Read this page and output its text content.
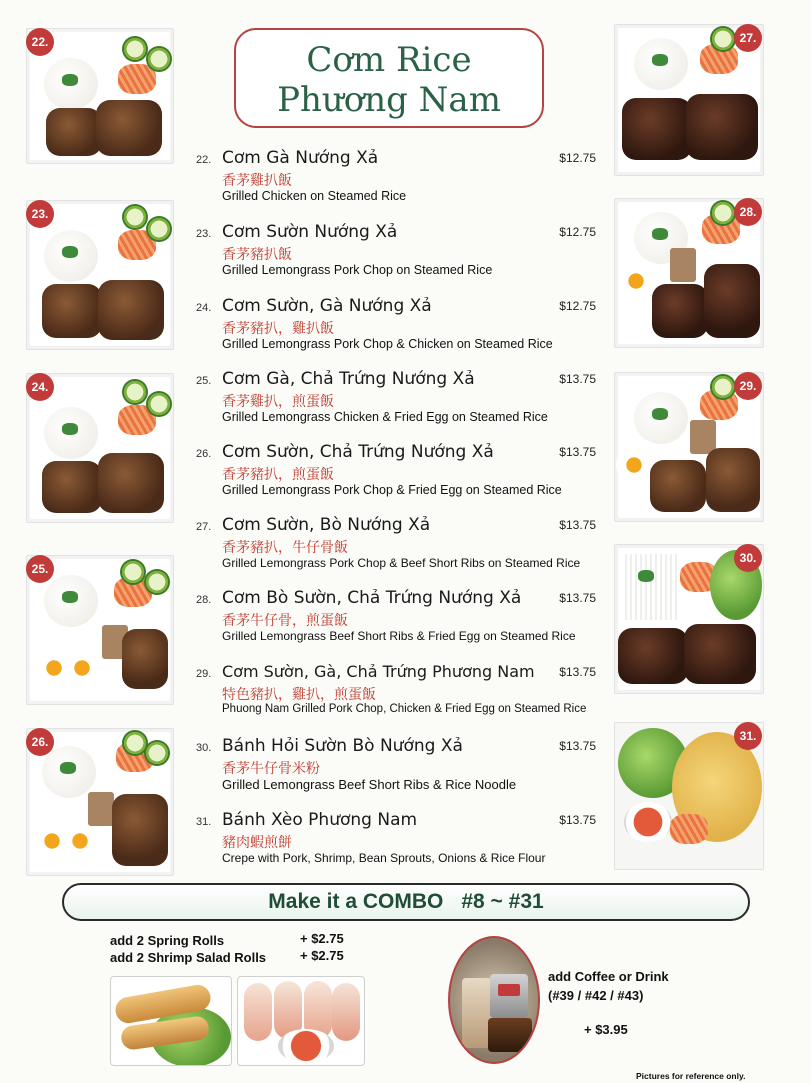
Cơm Rice
Phương Nam
22.
23.
24.
25.
26.
27.
28.
29.
30.
31.
22. Cơm Gà Nướng Xả	$12.75
香茅雞扒飯
Grilled Chicken on Steamed Rice
23. Cơm Sườn Nướng Xả	$12.75
香茅豬扒飯
Grilled Lemongrass Pork Chop on Steamed Rice
24. Cơm Sườn, Gà Nướng Xả	$12.75
香茅豬扒，雞扒飯
Grilled Lemongrass Pork Chop & Chicken on Steamed Rice
25. Cơm Gà, Chả Trứng Nướng Xả	$13.75
香茅雞扒，煎蛋飯
Grilled Lemongrass Chicken & Fried Egg on Steamed Rice
26. Cơm Sườn, Chả Trứng Nướng Xả	$13.75
香茅豬扒，煎蛋飯
Grilled Lemongrass Pork Chop & Fried Egg on Steamed Rice
27. Cơm Sườn, Bò Nướng Xả	$13.75
香茅豬扒，牛仔骨飯
Grilled Lemongrass Pork Chop & Beef Short Ribs on Steamed Rice
28. Cơm Bò Sườn, Chả Trứng Nướng Xả	$13.75
香茅牛仔骨，煎蛋飯
Grilled Lemongrass Beef Short Ribs & Fried Egg on Steamed Rice
29. Cơm Sườn, Gà, Chả Trứng Phương Nam $13.75
特色豬扒，雞扒，煎蛋飯
Phuong Nam Grilled Pork Chop, Chicken & Fried Egg on Steamed Rice
30. Bánh Hỏi Sườn Bò Nướng Xả	$13.75
香茅牛仔骨米粉
Grilled Lemongrass Beef Short Ribs & Rice Noodle
31. Bánh Xèo Phương Nam	$13.75
豬肉蝦煎餅
Crepe with Pork, Shrimp, Bean Sprouts, Onions & Rice Flour
Make it a COMBO #8 ~ #31
add 2 Spring Rolls	+ $2.75
add 2 Shrimp Salad Rolls	+ $2.75
add Coffee or Drink
(#39 / #42 / #43)
+ $3.95
Pictures for reference only.
